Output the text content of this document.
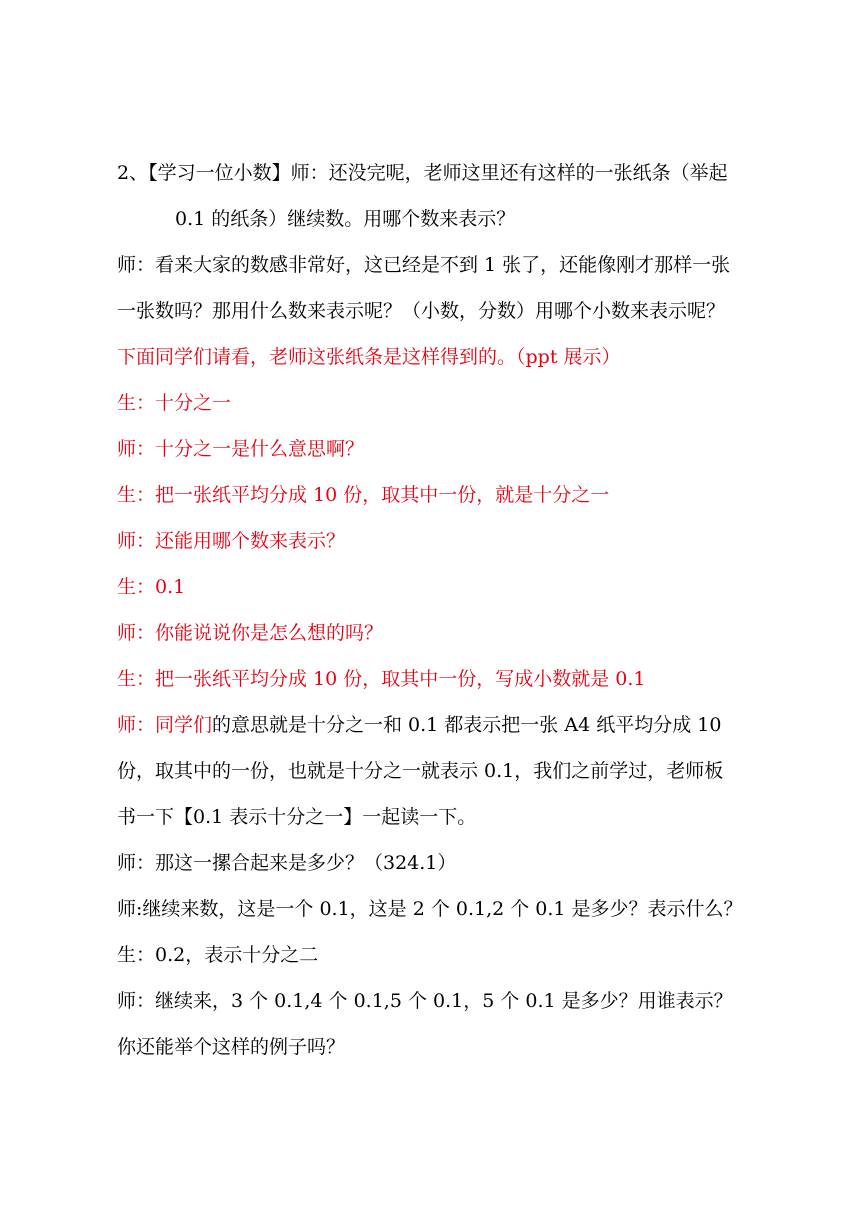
2、【学习一位小数】师：还没完呢，老师这里还有这样的一张纸条（举起
0.1 的纸条）继续数。用哪个数来表示？
师：看来大家的数感非常好，这已经是不到 1 张了，还能像刚才那样一张
一张数吗？那用什么数来表示呢？（小数，分数）用哪个小数来表示呢？
下面同学们请看，老师这张纸条是这样得到的。（ppt 展示）
生：十分之一
师：十分之一是什么意思啊？
生：把一张纸平均分成 10 份，取其中一份，就是十分之一
师：还能用哪个数来表示？
生：0.1
师：你能说说你是怎么想的吗？
生：把一张纸平均分成 10 份，取其中一份，写成小数就是 0.1
师：同学们的意思就是十分之一和 0.1 都表示把一张 A4 纸平均分成 10
份，取其中的一份，也就是十分之一就表示 0.1，我们之前学过，老师板
书一下【0.1 表示十分之一】一起读一下。
师：那这一摞合起来是多少？（324.1）
师:继续来数，这是一个 0.1，这是 2 个 0.1,2 个 0.1 是多少？表示什么？
生：0.2，表示十分之二
师：继续来，3 个 0.1,4 个 0.1,5 个 0.1，5 个 0.1 是多少？用谁表示？
你还能举个这样的例子吗？
